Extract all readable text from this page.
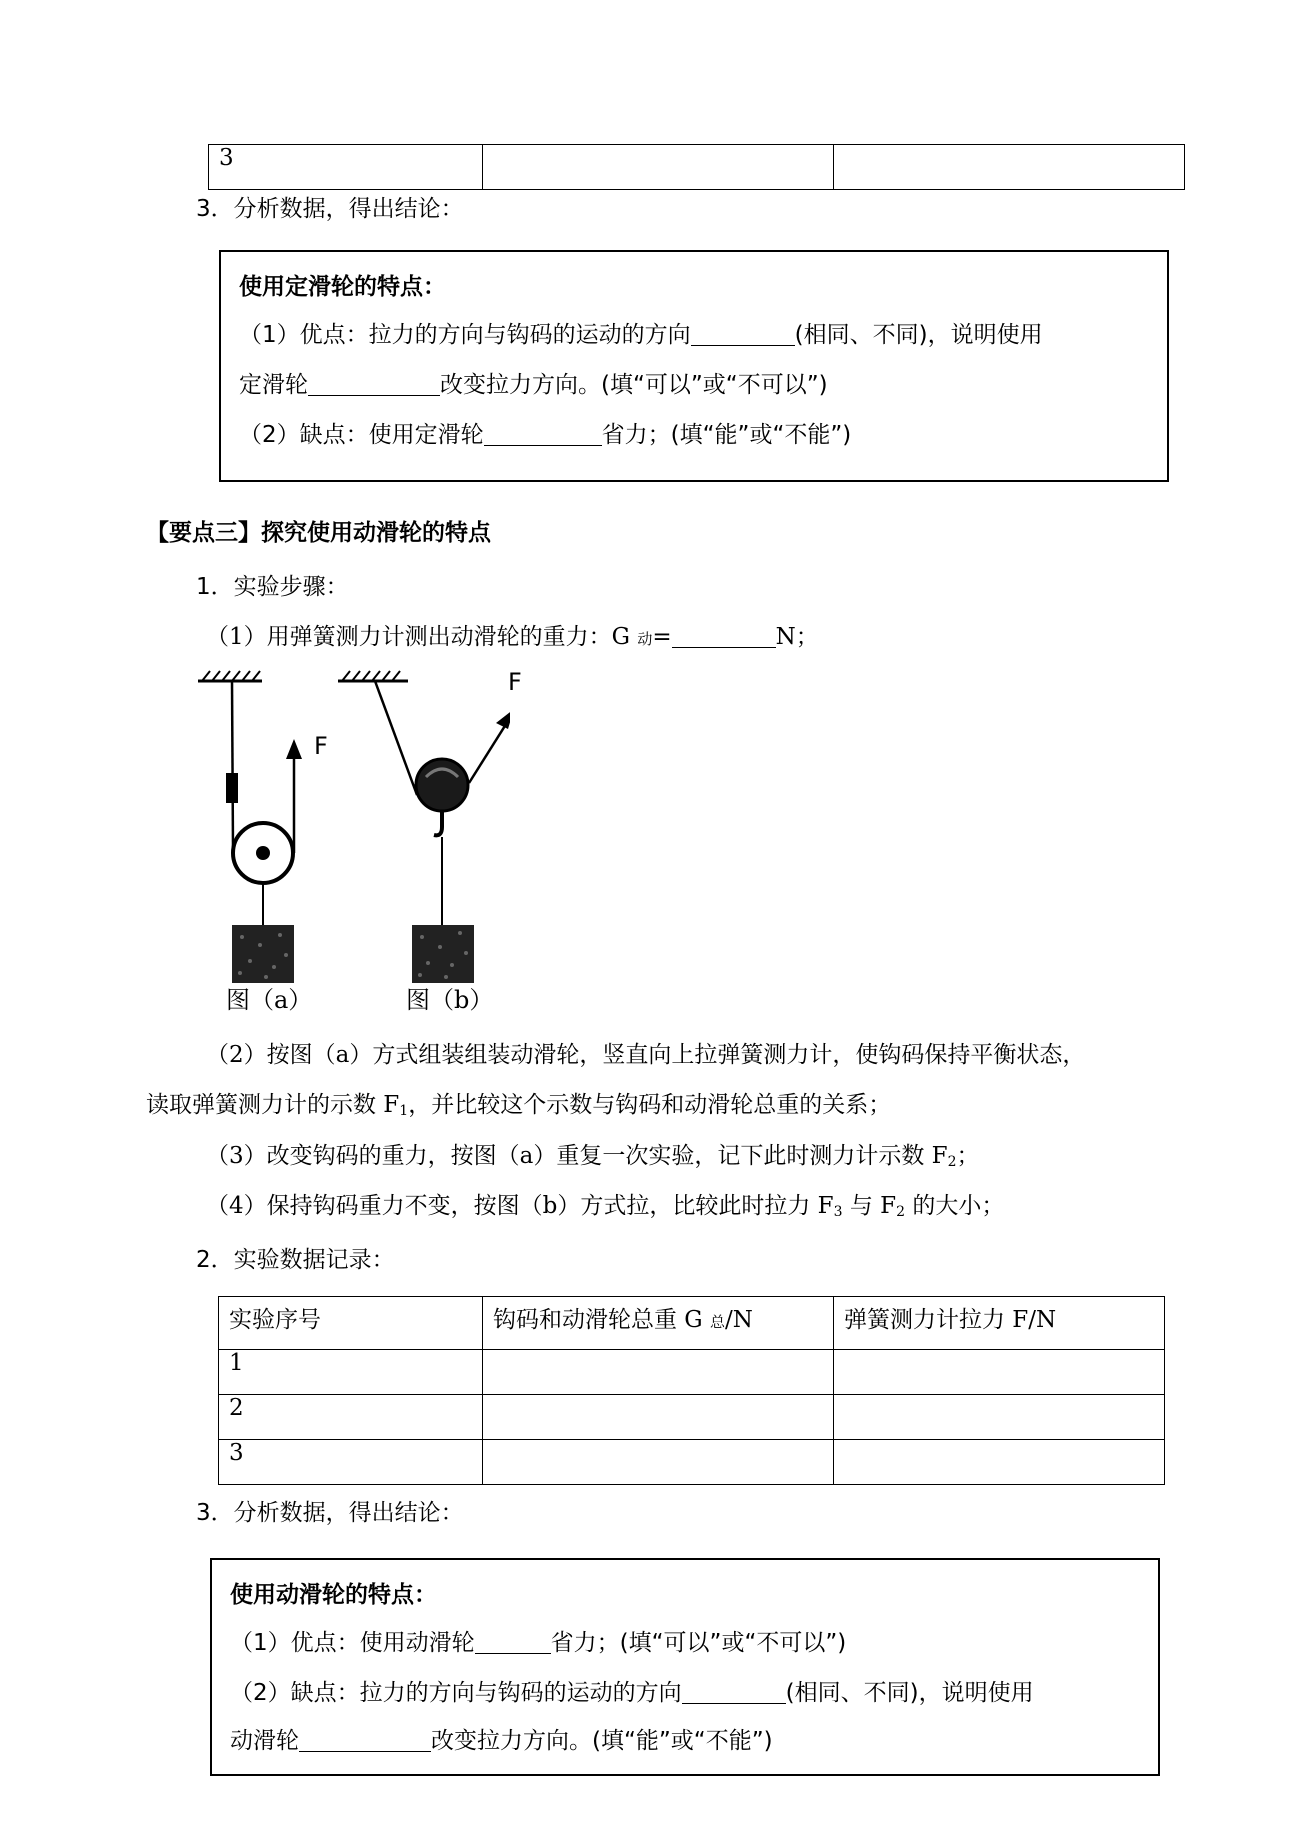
3		
3．分析数据，得出结论：
使用定滑轮的特点：
（1）优点：拉力的方向与钩码的运动的方向	(相同、不同)，说明使用
定滑轮	改变拉力方向。(填“可以”或“不可以”)
（2）缺点：使用定滑轮	省力；(填“能”或“不能”)
【要点三】探究使用动滑轮的特点
1．实验步骤：
（1）用弹簧测力计测出动滑轮的重力：G 动=	N；
F
F
图（a）	图（b）
（2）按图（a）方式组装组装动滑轮，竖直向上拉弹簧测力计，使钩码保持平衡状态，
读取弹簧测力计的示数 $F_1$，并比较这个示数与钩码和动滑轮总重的关系；
（3）改变钩码的重力，按图（a）重复一次实验，记下此时测力计示数 $F_2$；
（4）保持钩码重力不变，按图（b）方式拉，比较此时拉力 $F_3$ 与 $F_2$ 的大小；
2．实验数据记录：
实验序号	钩码和动滑轮总重 G 总/N	弹簧测力计拉力 F/N
1		
2		
3		
3．分析数据，得出结论：
使用动滑轮的特点：
（1）优点：使用动滑轮	省力；(填“可以”或“不可以”)
（2）缺点：拉力的方向与钩码的运动的方向	(相同、不同)，说明使用
动滑轮	改变拉力方向。(填“能”或“不能”)
